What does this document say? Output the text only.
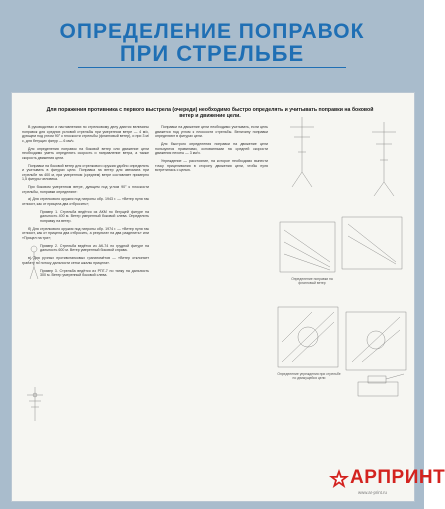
ОПРЕДЕЛЕНИЕ ПОПРАВОК
ПРИ СТРЕЛЬБЕ
Для поражения противника с первого выстрела (очереди) необходимо быстро определять и учитывать поправки на боковой ветер и движение цели.

В руководствах и наставлениях по стрелковому делу даются величины поправок для средних условий стрельбы при умеренном ветре — 4 м/с, дующем под углом 90° к плоскости стрельбы (фланговый ветер), и при 3 м/с, для бегущих фигур — 6 км/ч.

Для определения поправок на боковой ветер или движение цели необходимо уметь определять скорость и направление ветра, а также скорость движения цели.

Поправки на боковой ветер для стрелкового оружия удобно определять и учитывать в фигурах цели. Поправка на ветер для автомата при стрельбе на 400 м, при умеренном (среднем) ветре составляет примерно 1,5 фигуры человека.

При боковом умеренном ветре, дующем под углом 90° к плоскости стрельбы, поправки определяют:

а) Для стрелкового оружия под патроны обр. 1943 г. — «Ветер пуля так относит, как от прицела два отбросить»;

Пример 1. Стрельба ведётся из АКМ по бегущей фигуре на дальность 400 м. Ветер умеренный боковой слева. Определить поправку на ветер.

б) Для стрелкового оружия под патроны обр. 1974 г. — «Ветер пуля так относит, как от прицела два отбросить, а результат на два разделить» или «Прицел на три»;

Пример 2. Стрельба ведётся из АК-74 по грудной фигуре на дальность 600 м. Ветер умеренный боковой справа.

в) Для ручных противотанковых гранатомётов — «Ветер отклоняет гранату по потоку дальности сетки шкалы прицела».

Пример 3. Стрельба ведётся из РПГ-7 по танку на дальность 300 м. Ветер умеренный боковой слева.

Поправки на движение цели необходимо учитывать, если цель движется под углом к плоскости стрельбы. Величину поправки определяют в фигурах цели.

Для быстрого определения поправки на движение цели пользуются правилами, основанными на средней скорости движения пехоты — 3 км/ч.

Упреждение — расстояние, на которое необходимо вынести точку прицеливания в сторону движения цели, чтобы пуля встретилась с целью.

Определение поправки на фланговый ветер
Определение упреждения при стрельбе по движущейся цели
АРПРИНТ
www.ar-print.ru
